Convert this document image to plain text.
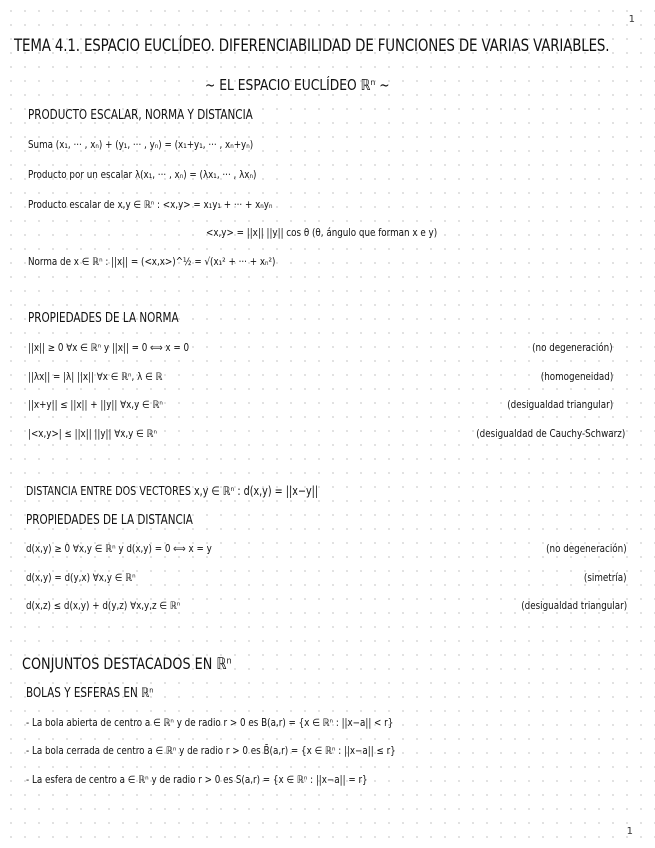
1
TEMA 4.1. ESPACIO EUCLÍDEO. DIFERENCIABILIDAD DE FUNCIONES DE VARIAS VARIABLES.
~ EL ESPACIO EUCLÍDEO ℝⁿ ~
PRODUCTO ESCALAR, NORMA Y DISTANCIA
Suma (x₁, ··· , xₙ) + (y₁, ··· , yₙ) = (x₁+y₁, ··· , xₙ+yₙ)
Producto por un escalar λ(x₁, ··· , xₙ) = (λx₁, ··· , λxₙ)
Producto escalar de x,y ∈ ℝⁿ : <x,y> = x₁y₁ + ··· + xₙyₙ
<x,y> = ||x|| ||y|| cos θ (θ, ángulo que forman x e y)
Norma de x ∈ ℝⁿ : ||x|| = (<x,x>)^½ = √(x₁² + ··· + xₙ²)
PROPIEDADES DE LA NORMA
||x|| ≥ 0 ∀x ∈ ℝⁿ y ||x|| = 0 ⟺ x = 0	(no degeneración)
||λx|| = |λ| ||x|| ∀x ∈ ℝⁿ, λ ∈ ℝ	(homogeneidad)
||x+y|| ≤ ||x|| + ||y|| ∀x,y ∈ ℝⁿ	(desigualdad triangular)
|<x,y>| ≤ ||x|| ||y|| ∀x,y ∈ ℝⁿ	(desigualdad de Cauchy-Schwarz)
DISTANCIA ENTRE DOS VECTORES x,y ∈ ℝⁿ : d(x,y) = ||x−y||
PROPIEDADES DE LA DISTANCIA
d(x,y) ≥ 0 ∀x,y ∈ ℝⁿ y d(x,y) = 0 ⟺ x = y	(no degeneración)
d(x,y) = d(y,x) ∀x,y ∈ ℝⁿ	(simetría)
d(x,z) ≤ d(x,y) + d(y,z) ∀x,y,z ∈ ℝⁿ	(desigualdad triangular)
CONJUNTOS DESTACADOS EN ℝⁿ
BOLAS Y ESFERAS EN ℝⁿ
- La bola abierta de centro a ∈ ℝⁿ y de radio r > 0 es B(a,r) = {x ∈ ℝⁿ : ||x−a|| < r}
- La bola cerrada de centro a ∈ ℝⁿ y de radio r > 0 es B̄(a,r) = {x ∈ ℝⁿ : ||x−a|| ≤ r}
- La esfera de centro a ∈ ℝⁿ y de radio r > 0 es S(a,r) = {x ∈ ℝⁿ : ||x−a|| = r}
1
